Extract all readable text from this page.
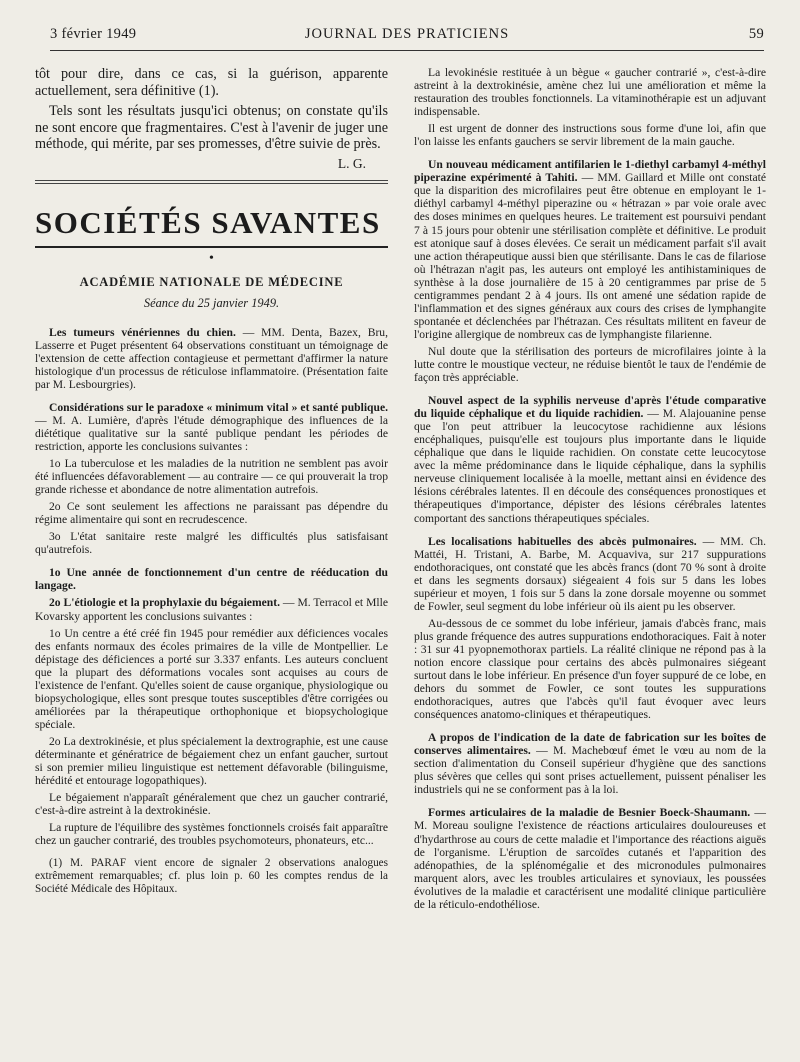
3 février 1949	JOURNAL DES PRATICIENS	59

tôt pour dire, dans ce cas, si la guérison, apparente actuellement, sera définitive (1).

Tels sont les résultats jusqu'ici obtenus; on constate qu'ils ne sont encore que fragmentaires. C'est à l'avenir de juger une méthode, qui mérite, par ses promesses, d'être suivie de près.

L. G.
SOCIÉTÉS SAVANTES
•
ACADÉMIE NATIONALE DE MÉDECINE
Séance du 25 janvier 1949.

Les tumeurs vénériennes du chien. — MM. Denta, Bazex, Bru, Lasserre et Puget présentent 64 observations constituant un témoignage de l'extension de cette affection contagieuse et permettant d'affirmer la nature histologique d'un processus de réticulose inflammatoire. (Présentation faite par M. Lesbourgries).

Considérations sur le paradoxe « minimum vital » et santé publique. — M. A. Lumière, d'après l'étude démographique des influences de la diététique qualitative sur la santé publique pendant les périodes de restriction, apporte les conclusions suivantes :

1o La tuberculose et les maladies de la nutrition ne semblent pas avoir été influencées défavorablement — au contraire — ce qui prouverait la trop grande richesse et abondance de notre alimentation autrefois.

2o Ce sont seulement les affections ne paraissant pas dépendre du régime alimentaire qui sont en recrudescence.

3o L'état sanitaire reste malgré les difficultés plus satisfaisant qu'autrefois.

1o Une année de fonctionnement d'un centre de rééducation du langage.

2o L'étiologie et la prophylaxie du bégaiement. — M. Terracol et Mlle Kovarsky apportent les conclusions suivantes :

1o Un centre a été créé fin 1945 pour remédier aux déficiences vocales des enfants normaux des écoles primaires de la ville de Montpellier. Le dépistage des déficiences a porté sur 3.337 enfants. Les auteurs concluent que la plupart des déformations vocales sont acquises au cours de l'existence de l'enfant. Qu'elles soient de cause organique, physiologique ou biopsychologique, elles sont presque toutes susceptibles d'être corrigées ou améliorées par la thérapeutique orthophonique et biopsychologique spéciale.

2o La dextrokinésie, et plus spécialement la dextrographie, est une cause déterminante et génératrice de bégaiement chez un enfant gaucher, surtout si son premier milieu linguistique est nettement défavorable (bilinguisme, hérédité et entourage logopathiques).

Le bégaiement n'apparaît généralement que chez un gaucher contrarié, c'est-à-dire astreint à la dextrokinésie.

La rupture de l'équilibre des systèmes fonctionnels croisés fait apparaître chez un gaucher contrarié, des troubles psychomoteurs, phonateurs, etc...

(1) M. PARAF vient encore de signaler 2 observations analogues extrêmement remarquables; cf. plus loin p. 60 les comptes rendus de la Société Médicale des Hôpitaux.

La levokinésie restituée à un bègue « gaucher contrarié », c'est-à-dire astreint à la dextrokinésie, amène chez lui une amélioration et même la restauration des troubles fonctionnels. La vitaminothérapie est un adjuvant indispensable.

Il est urgent de donner des instructions sous forme d'une loi, afin que l'on laisse les enfants gauchers se servir librement de la main gauche.

Un nouveau médicament antifilarien le 1-diethyl carbamyl 4-méthyl piperazine expérimenté à Tahiti. — MM. Gaillard et Mille ont constaté que la disparition des microfilaires peut être obtenue en employant le 1-diéthyl carbamyl 4-méthyl piperazine ou « hétrazan » par voie orale avec des doses minimes en quelques heures. Le traitement est poursuivi pendant 7 à 15 jours pour obtenir une stérilisation complète et définitive. Le produit est atonique sauf à doses élevées. Ce serait un médicament parfait s'il avait une action thérapeutique aussi bien que stérilisante. Dans le cas de filariose où l'hétrazan n'agit pas, les auteurs ont employé les antihistaminiques de synthèse à la dose journalière de 15 à 20 centigrammes par prise de 5 centigrammes pendant 2 à 4 jours. Ils ont amené une sédation rapide de l'inflammation et des signes généraux aux cours des crises de lymphangite spontanée et déclenchées par l'hétrazan. Ces résultats militent en faveur de l'origine allergique de nombreux cas de lymphangiste filarienne.

Nul doute que la stérilisation des porteurs de microfilaires jointe à la lutte contre le moustique vecteur, ne réduise bientôt le taux de l'endémie de façon très appréciable.

Nouvel aspect de la syphilis nerveuse d'après l'étude comparative du liquide céphalique et du liquide rachidien. — M. Alajouanine pense que l'on peut attribuer la leucocytose rachidienne aux lésions encéphaliques, puisqu'elle est toujours plus importante dans le liquide céphalique que dans le liquide rachidien. On constate cette leucocytose avec la même prédominance dans le liquide céphalique, dans la syphilis nerveuse cliniquement localisée à la moelle, mettant ainsi en évidence des lésions cérébrales latentes. Il en découle des conséquences pronostiques et thérapeutiques d'importance, dépister des lésions cérébrales latentes comportant des sanctions thérapeutiques spéciales.

Les localisations habituelles des abcès pulmonaires. — MM. Ch. Mattéi, H. Tristani, A. Barbe, M. Acquaviva, sur 217 suppurations endothoraciques, ont constaté que les abcès francs (dont 70 % sont à droite et dans les segments dorsaux) siégeaient 4 fois sur 5 dans les lobes supérieur et moyen, 1 fois sur 5 dans la zone dorsale moyenne ou sommet de Fowler, seul segment du lobe inférieur où ils aient pu les observer.

Au-dessous de ce sommet du lobe inférieur, jamais d'abcès franc, mais plus grande fréquence des autres suppurations endothoraciques. Fait à noter : 31 sur 41 pyopnemothorax partiels. La réalité clinique ne répond pas à la notion encore classique pour certains des abcès pulmonaires siégeant surtout dans le lobe inférieur. En présence d'un foyer suppuré de ce lobe, en dehors du sommet de Fowler, ce sont toutes les suppurations endothoraciques, autres que l'abcès qu'il faut évoquer avec leurs conséquences anatomo-cliniques et thérapeutiques.

A propos de l'indication de la date de fabrication sur les boîtes de conserves alimentaires. — M. Machebœuf émet le vœu au nom de la section d'alimentation du Conseil supérieur d'hygiène que des sanctions plus sévères que celles qui sont prises actuellement, puissent pénaliser les industriels qui ne se conforment pas à la loi.

Formes articulaires de la maladie de Besnier Boeck-Shaumann. — M. Moreau souligne l'existence de réactions articulaires douloureuses et d'hydarthrose au cours de cette maladie et l'importance des réactions aiguës de l'organisme. L'éruption de sarcoïdes cutanés et l'apparition des adénopathies, de la splénomégalie et des micronodules pulmonaires marquent alors, avec les troubles articulaires et synoviaux, les poussées évolutives de la maladie et caractérisent une modalité clinique particulière de la réticulo-endothéliose.
